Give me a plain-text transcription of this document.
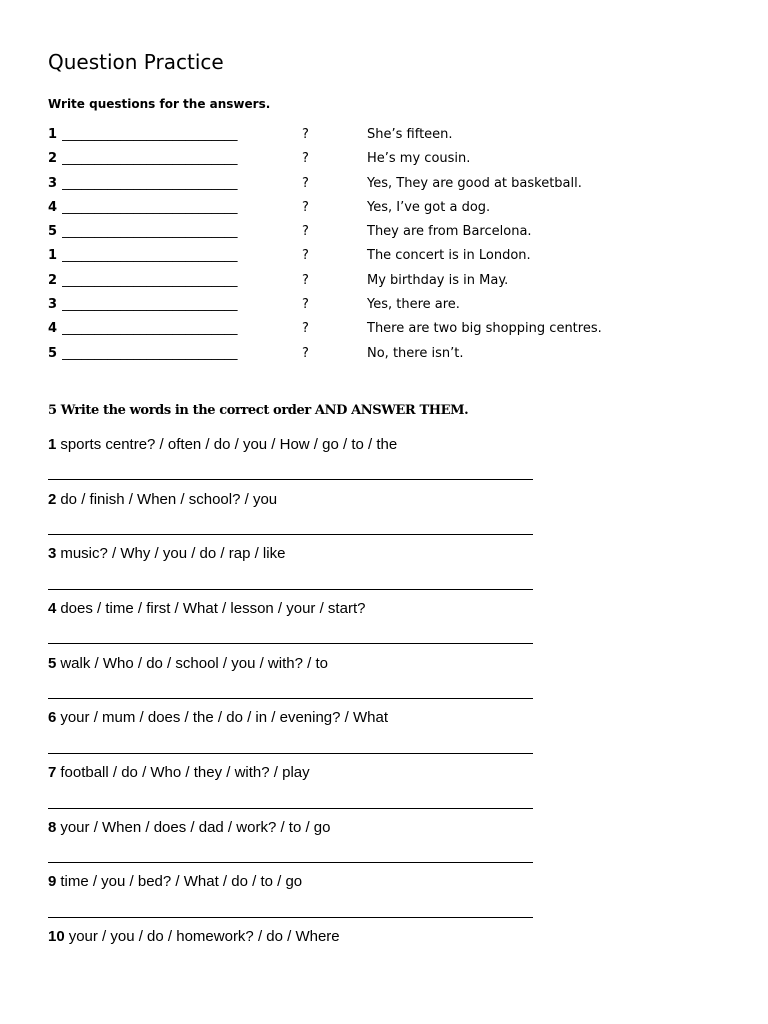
Question Practice
Write questions for the answers.
1 ___________________________	?	She’s fifteen.
2 ___________________________	?	He’s my cousin.
3 ___________________________	?	Yes, They are good at basketball.
4 ___________________________	?	Yes, I’ve got a dog.
5 ___________________________	?	They are from Barcelona.
1 ___________________________	?	The concert is in London.
2 ___________________________	?	My birthday is in May.
3 ___________________________	?	Yes, there are.
4 ___________________________	?	There are two big shopping centres.
5 ___________________________	?	No, there isn’t.
5 Write the words in the correct order AND ANSWER THEM.
1 sports centre? / often / do / you / How / go / to / the
2 do / finish / When / school? / you
3 music? / Why / you / do / rap / like
4 does / time / first / What / lesson / your / start?
5 walk / Who / do / school / you / with? / to
6 your / mum / does / the / do / in / evening? / What
7 football / do / Who / they / with? / play
8 your / When / does / dad / work? / to / go
9 time / you / bed? / What / do / to / go
10 your / you / do / homework? / do / Where
